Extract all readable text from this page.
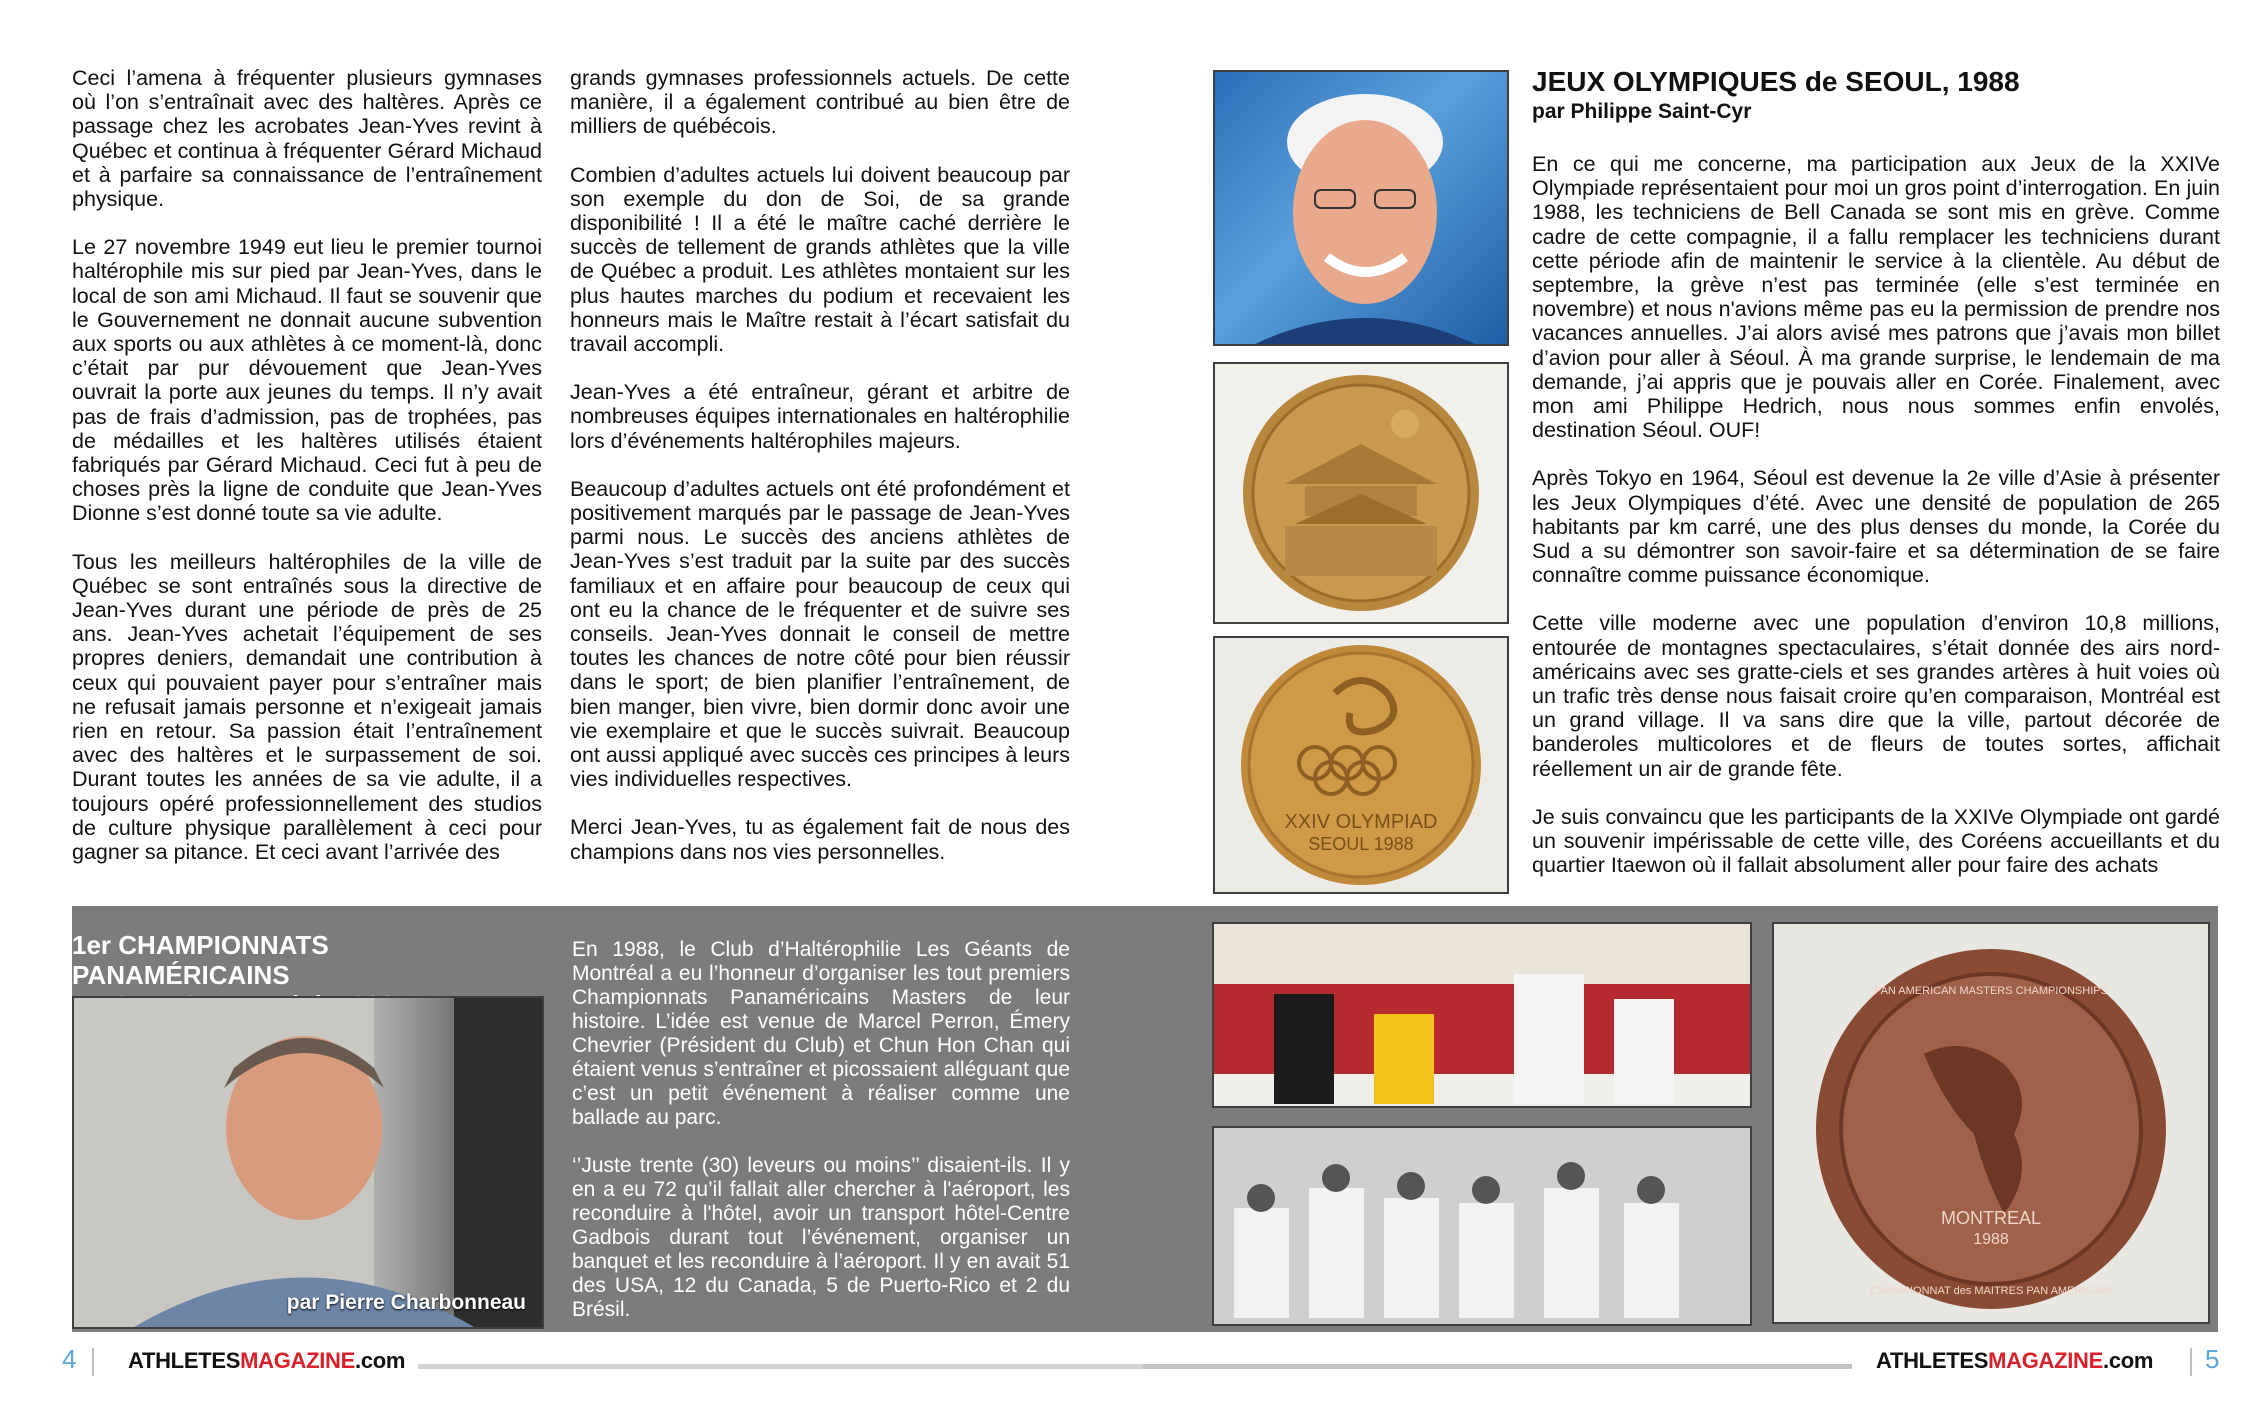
Ceci l’amena à fréquenter plusieurs gymnases où l’on s’entraînait avec des haltères. Après ce passage chez les acrobates Jean-Yves revint à Québec et continua à fréquenter Gérard Michaud et à parfaire sa connaissance de l’entraînement physique.

Le 27 novembre 1949 eut lieu le premier tournoi haltérophile mis sur pied par Jean-Yves, dans le local de son ami Michaud. Il faut se souvenir que le Gouvernement ne donnait aucune subvention aux sports ou aux athlètes à ce moment-là, donc c’était par pur dévouement que Jean-Yves ouvrait la porte aux jeunes du temps. Il n’y avait pas de frais d’admission, pas de trophées, pas de médailles et les haltères utilisés étaient fabriqués par Gérard Michaud. Ceci fut à peu de choses près la ligne de conduite que Jean-Yves Dionne s’est donné toute sa vie adulte.

Tous les meilleurs haltérophiles de la ville de Québec se sont entraînés sous la directive de Jean-Yves durant une période de près de 25 ans. Jean-Yves achetait l’équipement de ses propres deniers, demandait une contribution à ceux qui pouvaient payer pour s’entraîner mais ne refusait jamais personne et n’exigeait jamais rien en retour. Sa passion était l’entraînement avec des haltères et le surpassement de soi. Durant toutes les années de sa vie adulte, il a toujours opéré professionnellement des studios de culture physique parallèlement à ceci pour gagner sa pitance. Et ceci avant l’arrivée des

grands gymnases professionnels actuels. De cette manière, il a également contribué au bien être de milliers de québécois.

Combien d’adultes actuels lui doivent beaucoup par son exemple du don de Soi, de sa grande disponibilité ! Il a été le maître caché derrière le succès de tellement de grands athlètes que la ville de Québec a produit. Les athlètes montaient sur les plus hautes marches du podium et recevaient les honneurs mais le Maître restait à l’écart satisfait du travail accompli.

Jean-Yves a été entraîneur, gérant et arbitre de nombreuses équipes internationales en haltérophilie lors d’événements haltérophiles majeurs.

Beaucoup d’adultes actuels ont été profondément et positivement marqués par le passage de Jean-Yves parmi nous. Le succès des anciens athlètes de Jean-Yves s’est traduit par la suite par des succès familiaux et en affaire pour beaucoup de ceux qui ont eu la chance de le fréquenter et de suivre ses conseils. Jean-Yves donnait le conseil de mettre toutes les chances de notre côté pour bien réussir dans le sport; de bien planifier l’entraînement, de bien manger, bien vivre, bien dormir donc avoir une vie exemplaire et que le succès suivrait. Beaucoup ont aussi appliqué avec succès ces principes à leurs vies individuelles respectives.

Merci Jean-Yves, tu as également fait de nous des champions dans nos vies personnelles.

XXIV OLYMPIAD
SEOUL 1988
JEUX OLYMPIQUES de SEOUL, 1988
par Philippe Saint-Cyr

En ce qui me concerne, ma participation aux Jeux de la XXIVe Olympiade représentaient pour moi un gros point d’interrogation. En juin 1988, les techniciens de Bell Canada se sont mis en grève. Comme cadre de cette compagnie, il a fallu remplacer les techniciens durant cette période afin de maintenir le service à la clientèle. Au début de septembre, la grève n’est pas terminée (elle s’est terminée en novembre) et nous n'avions même pas eu la permission de prendre nos vacances annuelles. J’ai alors avisé mes patrons que j’avais mon billet d’avion pour aller à Séoul. À ma grande surprise, le lendemain de ma demande, j’ai appris que je pouvais aller en Corée. Finalement, avec mon ami Philippe Hedrich, nous nous sommes enfin envolés, destination Séoul. OUF!

Après Tokyo en 1964, Séoul est devenue la 2e ville d’Asie à présenter les Jeux Olympiques d’été. Avec une densité de population de 265 habitants par km carré, une des plus denses du monde, la Corée du Sud a su démontrer son savoir-faire et sa détermination de se faire connaître comme puissance économique.

Cette ville moderne avec une population d’environ 10,8 millions, entourée de montagnes spectaculaires, s’était donnée des airs nord-américains avec ses gratte-ciels et ses grandes artères à huit voies où un trafic très dense nous faisait croire qu’en comparaison, Montréal est un grand village. Il va sans dire que la ville, partout décorée de banderoles multicolores et de fleurs de toutes sortes, affichait réellement un air de grande fête.

Je suis convaincu que les participants de la XXIVe Olympiade ont gardé un souvenir impérissable de cette ville, des Coréens accueillants et du quartier Itaewon où il fallait absolument aller pour faire des achats

1er CHAMPIONNATS PANAMÉRICAINS

par Pierre Charbonneau

En 1988, le Club d’Haltérophilie Les Géants de Montréal a eu l’honneur d’organiser les tout premiers Championnats Panaméricains Masters de leur histoire. L’idée est venue de Marcel Perron, Émery Chevrier (Président du Club) et Chun Hon Chan qui étaient venus s’entraîner et picossaient alléguant que c’est un petit événement à réaliser comme une ballade au parc.

‘’Juste trente (30) leveurs ou moins’’ disaient-ils. Il y en a eu 72 qu’il fallait aller chercher à l'aéroport, les reconduire à l'hôtel, avoir un transport hôtel-Centre Gadbois durant tout l’événement, organiser un banquet et les reconduire à l’aéroport. Il y en avait 51 des USA, 12 du Canada, 5 de Puerto-Rico et 2 du Brésil.

MONTREAL
1988
PAN AMERICAN MASTERS CHAMPIONSHIPS
CHAMPIONNAT des MAITRES PAN AMERICAIN
4 ATHLETESMAGAZINE.com	ATHLETESMAGAZINE.com 5
